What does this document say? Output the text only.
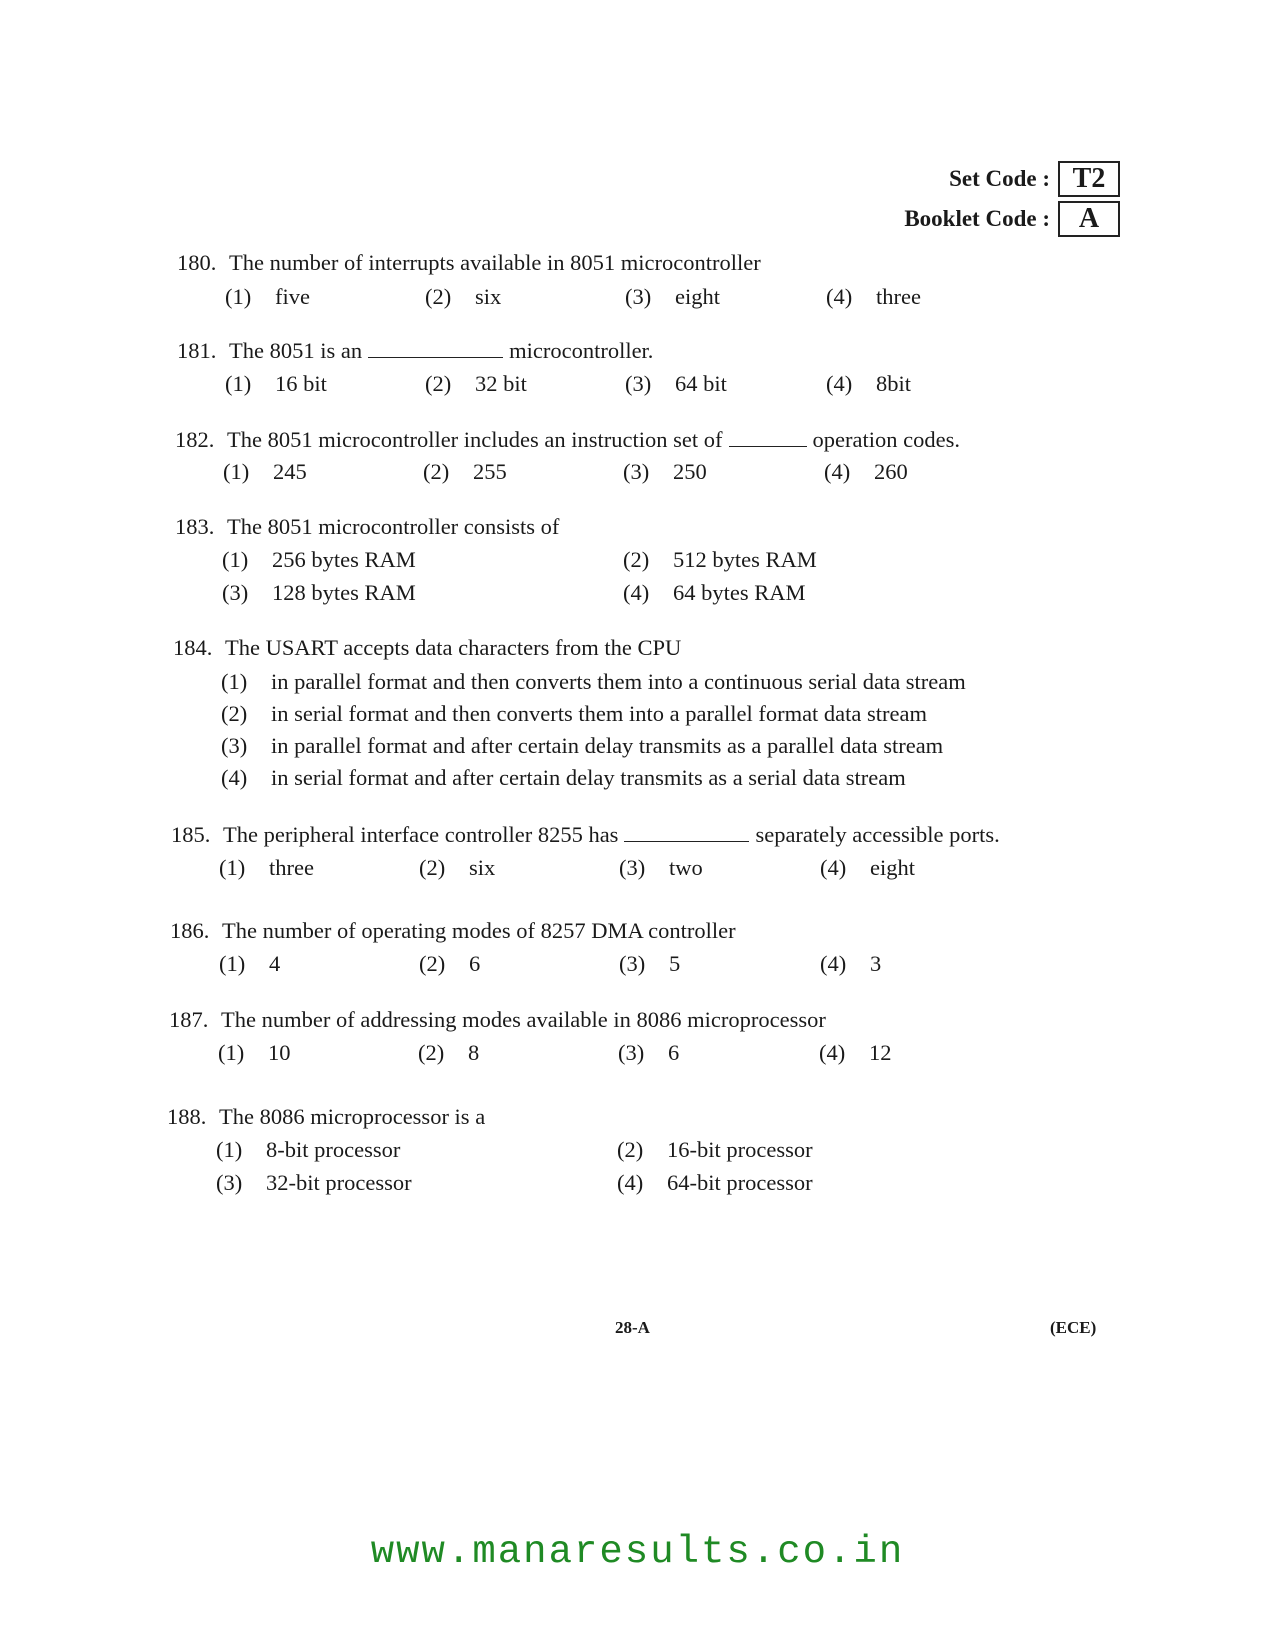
Set Code : T2
Booklet Code :	A
180. The number of interrupts available in 8051 microcontroller
(1) five	(2) six	(3) eight	(4) three
181. The 8051 is an	microcontroller.
(1) 16 bit	(2) 32 bit	(3) 64 bit	(4) 8bit
182. The 8051 microcontroller includes an instruction set of	operation codes.
(1) 245	(2) 255	(3) 250	(4) 260
183. The 8051 microcontroller consists of
(1) 256 bytes RAM	(2) 512 bytes RAM
(3) 128 bytes RAM	(4) 64 bytes RAM
184. The USART accepts data characters from the CPU
(1) in parallel format and then converts them into a continuous serial data stream
(2) in serial format and then converts them into a parallel format data stream
(3) in parallel format and after certain delay transmits as a parallel data stream
(4) in serial format and after certain delay transmits as a serial data stream
185. The peripheral interface controller 8255 has	separately accessible ports.
(1) three	(2) six	(3) two	(4) eight
186. The number of operating modes of 8257 DMA controller
(1) 4	(2) 6	(3) 5	(4) 3
187. The number of addressing modes available in 8086 microprocessor
(1) 10	(2) 8	(3) 6	(4) 12
188. The 8086 microprocessor is a
(1) 8-bit processor	(2) 16-bit processor
(3) 32-bit processor	(4) 64-bit processor
28-A	(ECE)
www.manaresults.co.in
